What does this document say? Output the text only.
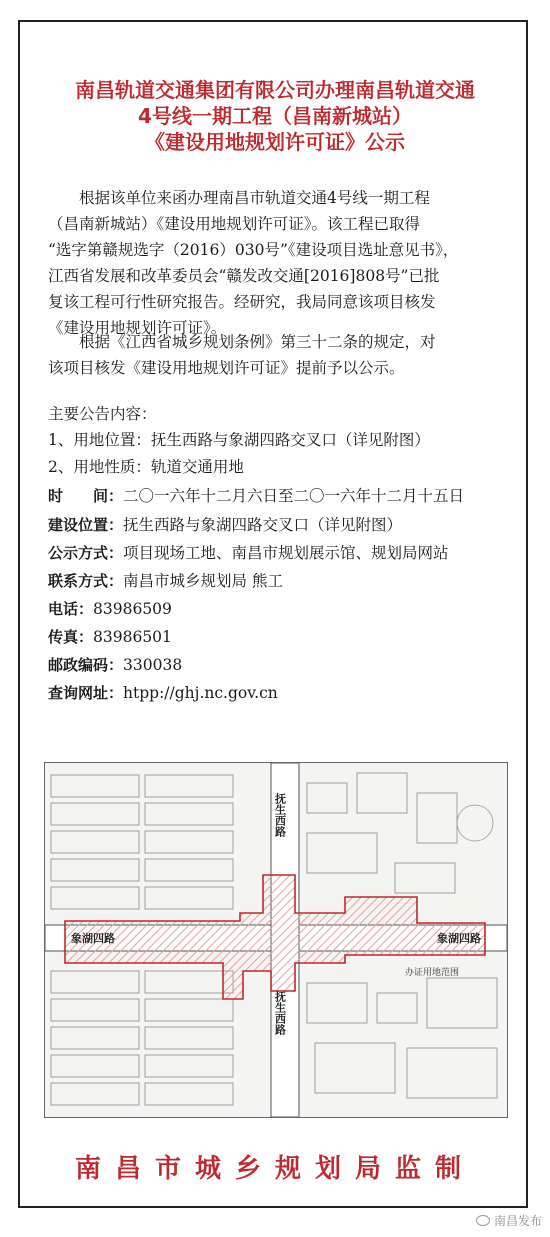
南昌轨道交通集团有限公司办理南昌轨道交通
4号线一期工程（昌南新城站）
《建设用地规划许可证》公示
根据该单位来函办理南昌市轨道交通4号线一期工程
（昌南新城站）《建设用地规划许可证》。该工程已取得
“选字第赣规选字（2016）030号”《建设项目选址意见书》，
江西省发展和改革委员会“赣发改交通[2016]808号”已批
复该工程可行性研究报告。经研究，我局同意该项目核发
《建设用地规划许可证》。
根据《江西省城乡规划条例》第三十二条的规定，对
该项目核发《建设用地规划许可证》提前予以公示。
主要公告内容：
1、用地位置：抚生西路与象湖四路交叉口（详见附图）
2、用地性质：轨道交通用地
时　　间：二〇一六年十二月六日至二〇一六年十二月十五日
建设位置：抚生西路与象湖四路交叉口（详见附图）
公示方式：项目现场工地、南昌市规划展示馆、规划局网站
联系方式：南昌市城乡规划局 熊工
电话：83986509
传真：83986501
邮政编码：330038
查询网址：htpp://ghj.nc.gov.cn
象湖四路	象湖四路
抚生西路
抚生西路
办证用地范围
南昌市城乡规划局监制
南昌发布
